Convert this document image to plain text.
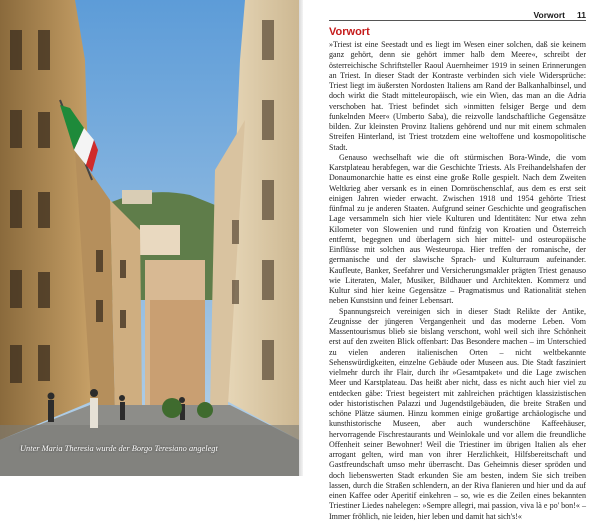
Unter Maria Theresia wurde der Borgo Teresiano angelegt
Vorwort 11
Vorwort

»Triest ist eine Seestadt und es liegt im Wesen einer solchen, daß sie keinem ganz gehört, denn sie gehört immer halb dem Meere«, schreibt der österreichische Schriftsteller Raoul Auernheimer 1919 in seinen Erinnerungen an Triest. In dieser Stadt der Kontraste verbinden sich viele Widersprüche: Triest liegt im äußersten Nordosten Italiens am Rand der Balkanhalbinsel, und doch wirkt die Stadt mitteleuropäisch, wie ein Wien, das man an die Adria verschoben hat. Triest befindet sich »inmitten felsiger Berge und dem funkelnden Meer« (Umberto Saba), die reizvolle landschaftliche Gegensätze bilden. Zur kleinsten Provinz Italiens gehörend und nur mit einem schmalen Streifen Hinterland, ist Triest trotzdem eine weltoffene und kosmopolitische Stadt.

Genauso wechselhaft wie die oft stürmischen Bora-Winde, die vom Karstplateau herabfegen, war die Geschichte Triests. Als Freihandelshafen der Donaumonarchie hatte es einst eine große Rolle gespielt. Nach dem Zweiten Weltkrieg aber versank es in einen Dornröschenschlaf, aus dem es erst seit einigen Jahren wieder erwacht. Zwischen 1918 und 1954 gehörte Triest fünfmal zu je anderen Staaten. Aufgrund seiner Geschichte und geografischen Lage versammeln sich hier viele Kulturen und Identitäten: Nur etwa zehn Kilometer von Slowenien und rund fünfzig von Kroatien und Österreich entfernt, begegnen und überlagern sich hier mittel- und osteuropäische Einflüsse mit solchen aus Westeuropa. Hier treffen der romanische, der germanische und der slawische Sprach- und Kulturraum aufeinander. Kaufleute, Banker, Seefahrer und Versicherungsmakler prägten Triest genauso wie Literaten, Maler, Musiker, Bildhauer und Architekten. Kommerz und Kultur sind hier keine Gegensätze – Pragmatismus und Rationalität stehen neben Kunstsinn und feiner Lebensart.

Spannungsreich vereinigen sich in dieser Stadt Relikte der Antike, Zeugnisse der jüngeren Vergangenheit und das moderne Leben. Vom Massentourismus blieb sie bislang verschont, wohl weil sich ihre Schönheit erst auf den zweiten Blick offenbart: Das Besondere machen – im Unterschied zu vielen anderen italienischen Orten – nicht weltbekannte Sehenswürdigkeiten, einzelne Gebäude oder Museen aus. Die Stadt fasziniert vielmehr durch ihr Flair, durch ihr »Gesamtpaket« und die Lage zwischen Meer und Karstplateau. Das heißt aber nicht, dass es nicht auch hier viel zu entdecken gäbe: Triest begeistert mit zahlreichen prächtigen klassizistischen oder historistischen Palazzi und Jugendstilgebäuden, die breite Straßen und schöne Plätze säumen. Hinzu kommen einige großartige archäologische und kunsthistorische Museen, aber auch wunderschöne Kaffeehäuser, hervorragende Fischrestaurants und Weinlokale und vor allem die freundliche Offenheit seiner Bewohner! Weil die Triestiner im übrigen Italien als eher arrogant gelten, wird man von ihrer Herzlichkeit, Hilfsbereitschaft und Gastfreundschaft umso mehr überrascht. Das Geheimnis dieser spröden und doch liebenswerten Stadt erkunden Sie am besten, indem Sie sich treiben lassen, durch die Straßen schlendern, an der Riva flanieren und hier und da auf einen Kaffee oder Aperitif einkehren – so, wie es die Zeilen eines bekannten Triestiner Liedes nahelegen: »Sempre allegri, mai passion, viva là e po' bon!« – Immer fröhlich, nie leiden, hier leben und damit hat sich's!«
